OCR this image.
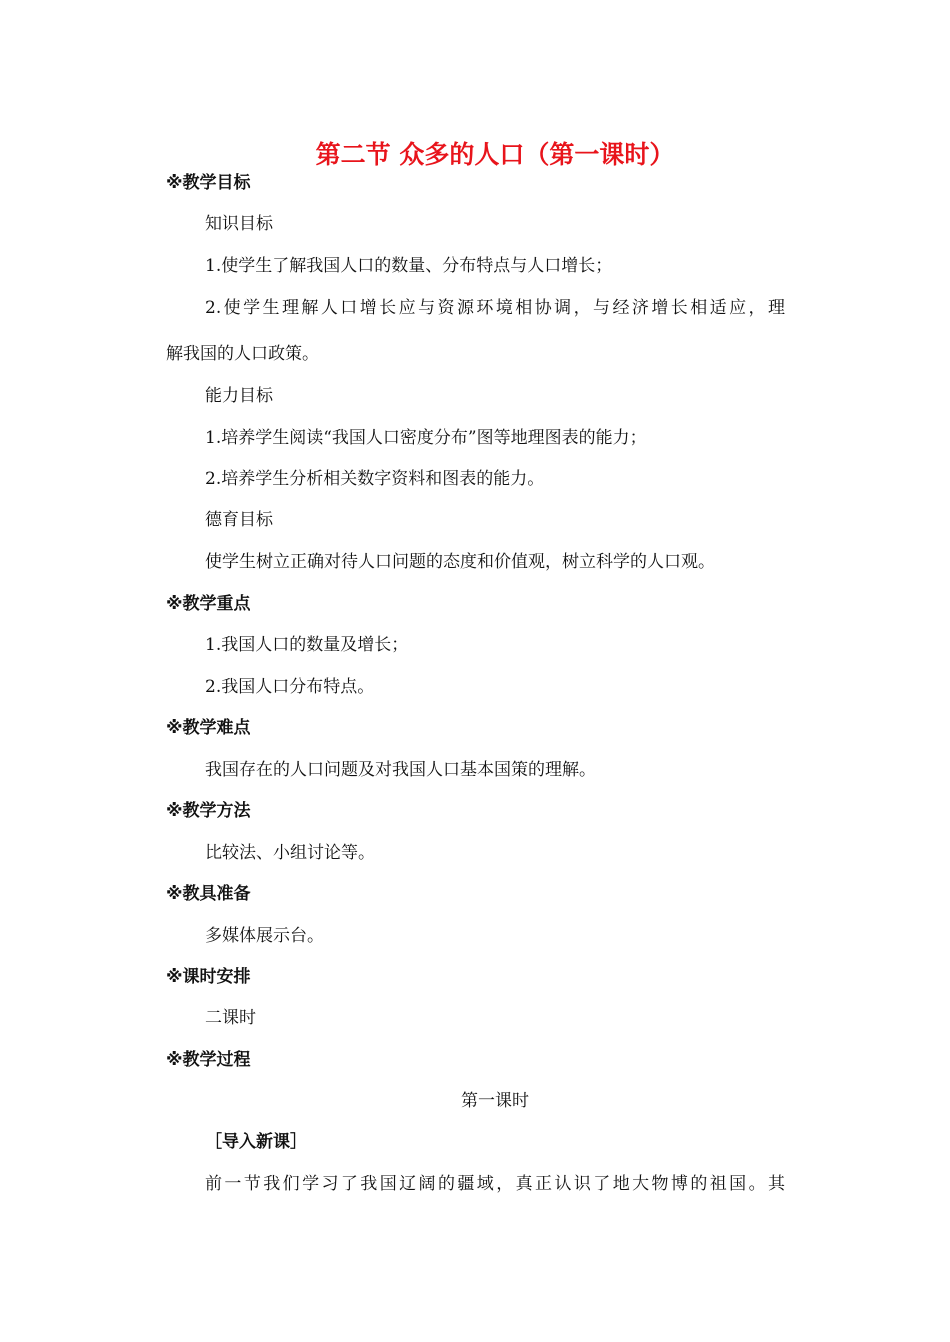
第二节 众多的人口（第一课时）
※教学目标
知识目标
1.使学生了解我国人口的数量、分布特点与人口增长；
2.使学生理解人口增长应与资源环境相协调，与经济增长相适应，理
解我国的人口政策。
能力目标
1.培养学生阅读“我国人口密度分布”图等地理图表的能力；
2.培养学生分析相关数字资料和图表的能力。
德育目标
使学生树立正确对待人口问题的态度和价值观，树立科学的人口观。
※教学重点
1.我国人口的数量及增长；
2.我国人口分布特点。
※教学难点
我国存在的人口问题及对我国人口基本国策的理解。
※教学方法
比较法、小组讨论等。
※教具准备
多媒体展示台。
※课时安排
二课时
※教学过程
第一课时
［导入新课］
前一节我们学习了我国辽阔的疆域，真正认识了地大物博的祖国。其
